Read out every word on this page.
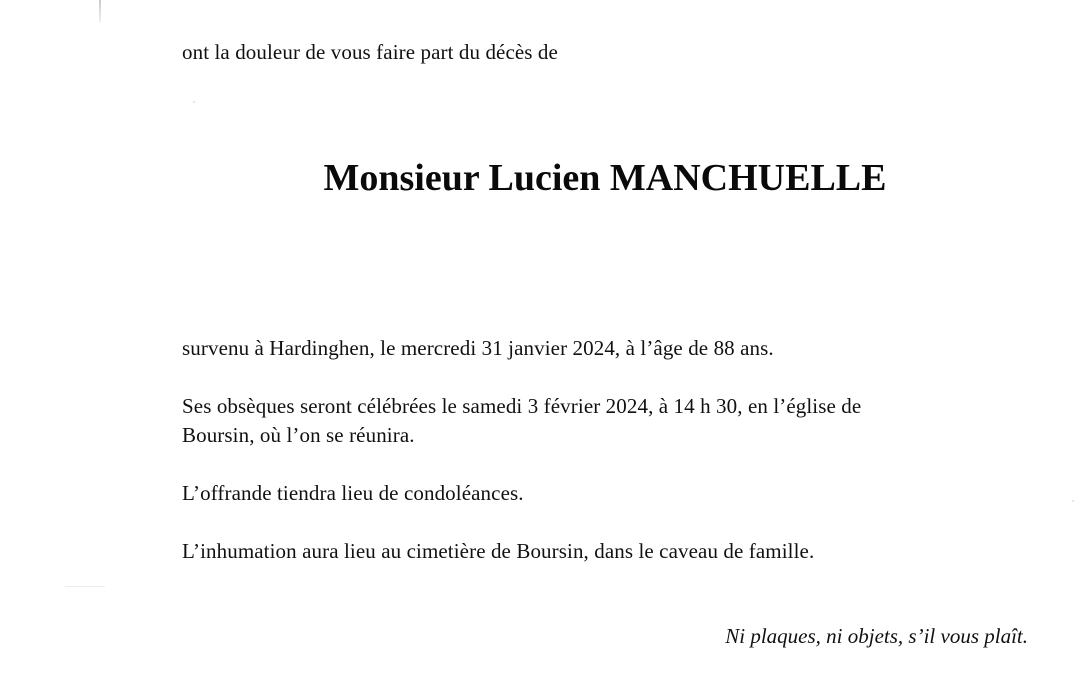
ont la douleur de vous faire part du décès de
Monsieur Lucien MANCHUELLE
survenu à Hardinghen, le mercredi 31 janvier 2024, à l’âge de 88 ans.
Ses obsèques seront célébrées le samedi 3 février 2024, à 14 h 30, en l’église de
Boursin, où l’on se réunira.
L’offrande tiendra lieu de condoléances.
L’inhumation aura lieu au cimetière de Boursin, dans le caveau de famille.
Ni plaques, ni objets, s’il vous plaît.
